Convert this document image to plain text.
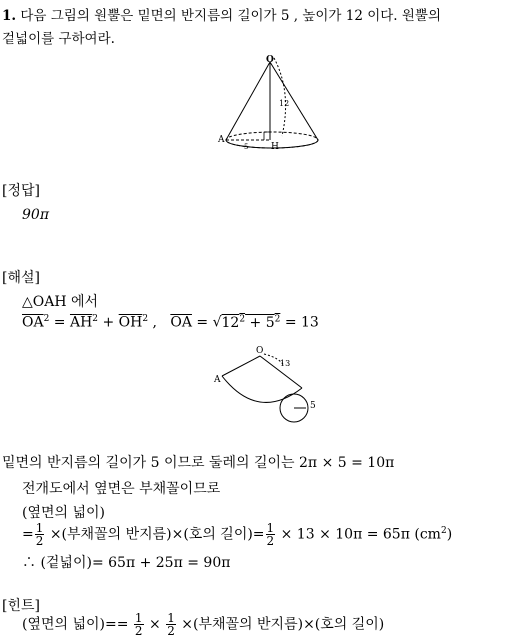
1. 다음 그림의 원뿔은 밑면의 반지름의 길이가 5 , 높이가 12 이다. 원뿔의
겉넓이를 구하여라.
O
A
H
12
5
[정답]
90π
[해설]
△OAH 에서
$\overline{OA}^2 = \overline{AH}^2 + \overline{OH}^2$ ,   $\overline{OA} = √12^2 + 5^2 = 13$
O
A
13
5
밑면의 반지름의 길이가 5 이므로 둘레의 길이는 2π × 5 = 10π
전개도에서 옆면은 부채꼴이므로
(옆면의 넓이)
= $\frac{1}{2}$ ×(부채꼴의 반지름)×(호의 길이)= $\frac{1}{2} \times 13 \times 10\pi = 65\pi$ $(cm^2)$
∴ (겉넓이)= 65π + 25π = 90π
[힌트]
(옆면의 넓이)== $\frac{1}{2} \times \frac{1}{2}$ ×(부채꼴의 반지름)×(호의 길이)
